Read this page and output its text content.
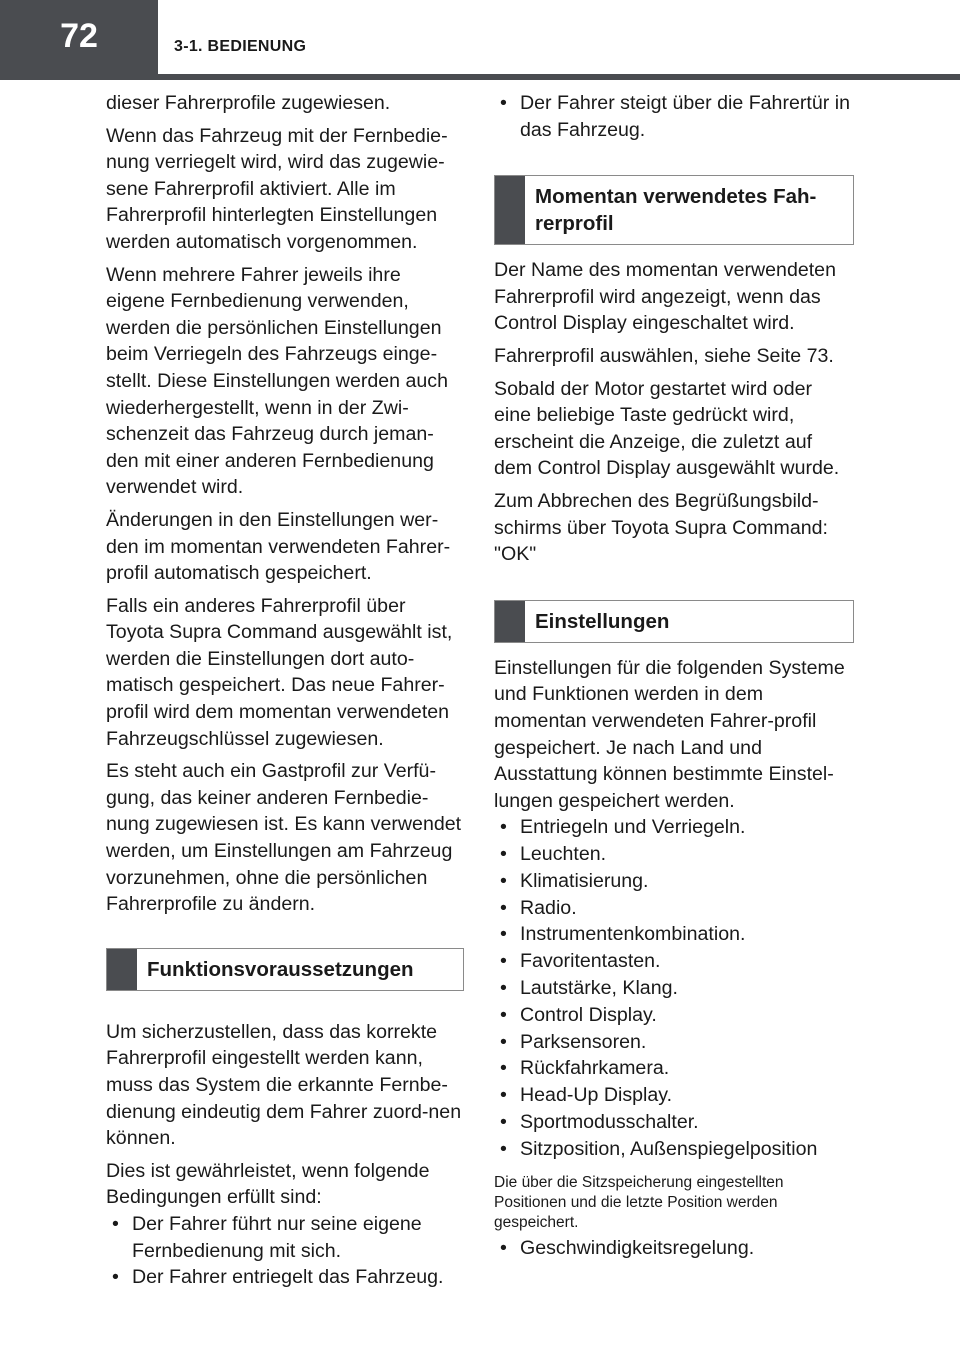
72	3-1. BEDIENUNG

dieser Fahrerprofile zugewiesen.

Wenn das Fahrzeug mit der Fernbedie-nung verriegelt wird, wird das zugewie-sene Fahrerprofil aktiviert. Alle im Fahrerprofil hinterlegten Einstellungen werden automatisch vorgenommen.

Wenn mehrere Fahrer jeweils ihre eigene Fernbedienung verwenden, werden die persönlichen Einstellungen beim Verriegeln des Fahrzeugs einge-stellt. Diese Einstellungen werden auch wiederhergestellt, wenn in der Zwi-schenzeit das Fahrzeug durch jeman-den mit einer anderen Fernbedienung verwendet wird.

Änderungen in den Einstellungen wer-den im momentan verwendeten Fahrer-profil automatisch gespeichert.

Falls ein anderes Fahrerprofil über Toyota Supra Command ausgewählt ist, werden die Einstellungen dort auto-matisch gespeichert. Das neue Fahrer-profil wird dem momentan verwendeten Fahrzeugschlüssel zugewiesen.

Es steht auch ein Gastprofil zur Verfü-gung, das keiner anderen Fernbedie-nung zugewiesen ist. Es kann verwendet werden, um Einstellungen am Fahrzeug vorzunehmen, ohne die persönlichen Fahrerprofile zu ändern.

Funktionsvoraussetzungen

Um sicherzustellen, dass das korrekte Fahrerprofil eingestellt werden kann, muss das System die erkannte Fernbe-dienung eindeutig dem Fahrer zuord-nen können.

Dies ist gewährleistet, wenn folgende Bedingungen erfüllt sind:

• Der Fahrer führt nur seine eigene Fernbedienung mit sich.
• Der Fahrer entriegelt das Fahrzeug.
• Der Fahrer steigt über die Fahrertür in das Fahrzeug.
Momentan verwendetes Fah-rerprofil

Der Name des momentan verwendeten Fahrerprofil wird angezeigt, wenn das Control Display eingeschaltet wird.

Fahrerprofil auswählen, siehe Seite 73.

Sobald der Motor gestartet wird oder eine beliebige Taste gedrückt wird, erscheint die Anzeige, die zuletzt auf dem Control Display ausgewählt wurde.

Zum Abbrechen des Begrüßungsbild-schirms über Toyota Supra Command: "OK"

Einstellungen

Einstellungen für die folgenden Systeme und Funktionen werden in dem momentan verwendeten Fahrer-profil gespeichert. Je nach Land und Ausstattung können bestimmte Einstel-lungen gespeichert werden.

• Entriegeln und Verriegeln.
• Leuchten.
• Klimatisierung.
• Radio.
• Instrumentenkombination.
• Favoritentasten.
• Lautstärke, Klang.
• Control Display.
• Parksensoren.
• Rückfahrkamera.
• Head-Up Display.
• Sportmodusschalter.
• Sitzposition, Außenspiegelposition

Die über die Sitzspeicherung eingestellten Positionen und die letzte Position werden gespeichert.

• Geschwindigkeitsregelung.
